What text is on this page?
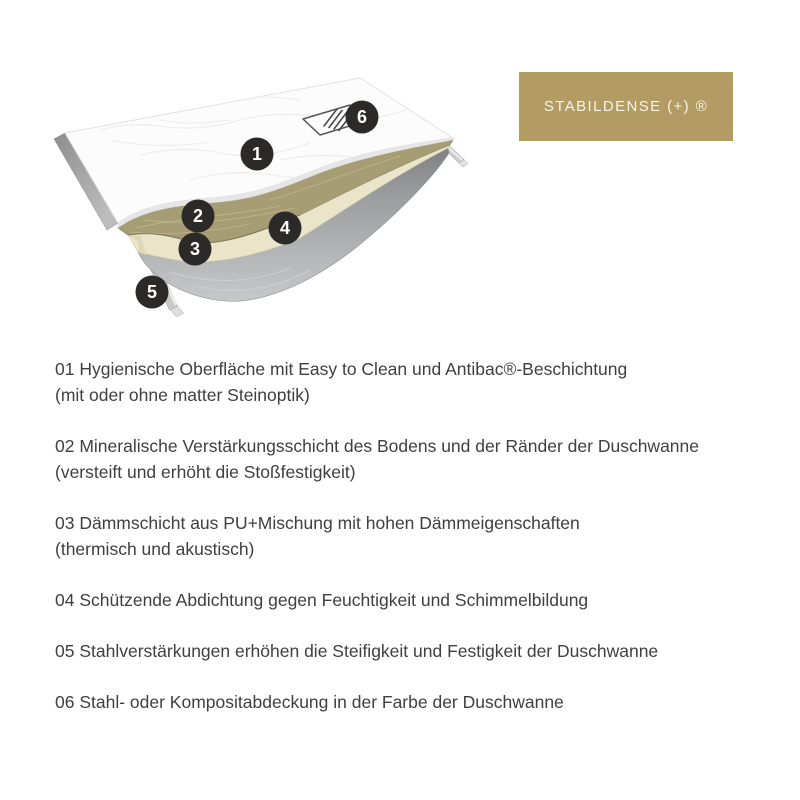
1
2
3
4
5
6
STABILDENSE (+) ®

01 Hygienische Oberfläche mit Easy to Clean und Antibac®-Beschichtung
(mit oder ohne matter Steinoptik)

02 Mineralische Verstärkungsschicht des Bodens und der Ränder der Duschwanne
(versteift und erhöht die Stoßfestigkeit)

03 Dämmschicht aus PU+Mischung mit hohen Dämmeigenschaften
(thermisch und akustisch)

04 Schützende Abdichtung gegen Feuchtigkeit und Schimmelbildung

05 Stahlverstärkungen erhöhen die Steifigkeit und Festigkeit der Duschwanne

06 Stahl- oder Kompositabdeckung in der Farbe der Duschwanne
